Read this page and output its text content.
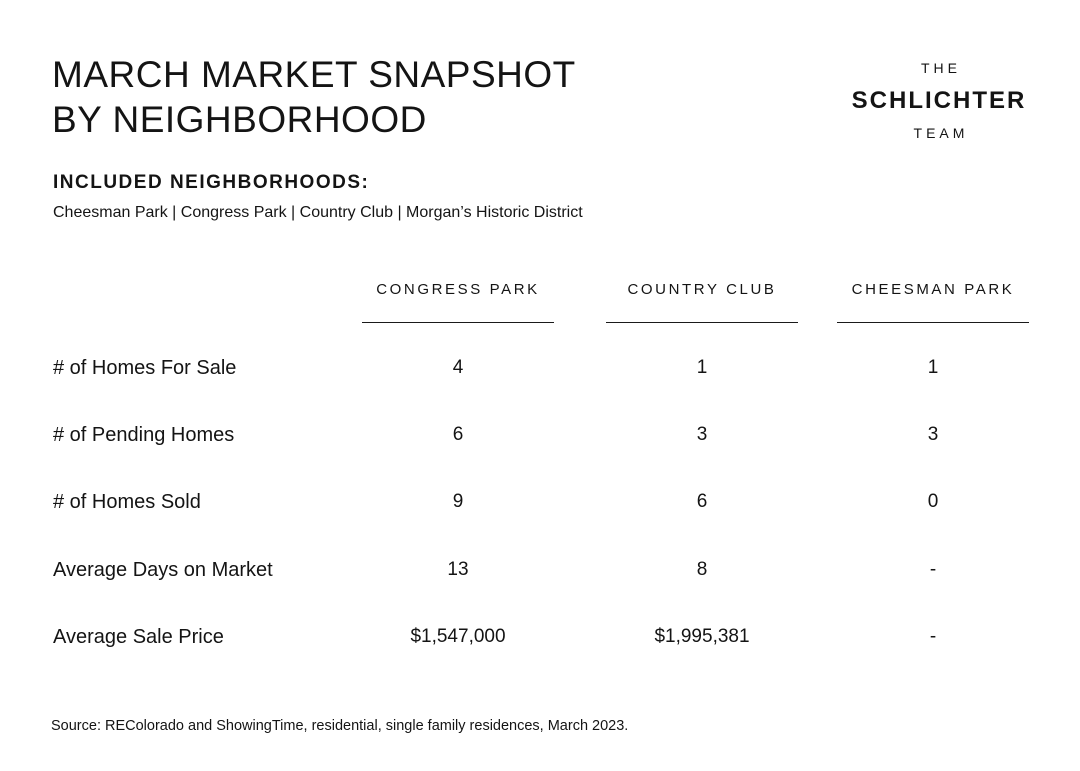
MARCH MARKET SNAPSHOT
BY NEIGHBORHOOD
THE
SCHLICHTER
TEAM
INCLUDED NEIGHBORHOODS:
Cheesman Park | Congress Park | Country Club | Morgan’s Historic District
CONGRESS PARK	COUNTRY CLUB	CHEESMAN PARK
# of Homes For Sale	4	1	1
# of Pending Homes	6	3	3
# of Homes Sold	9	6	0
Average Days on Market	13	8	-
Average Sale Price	$1,547,000	$1,995,381	-
Source: REColorado and ShowingTime, residential, single family residences, March 2023.
